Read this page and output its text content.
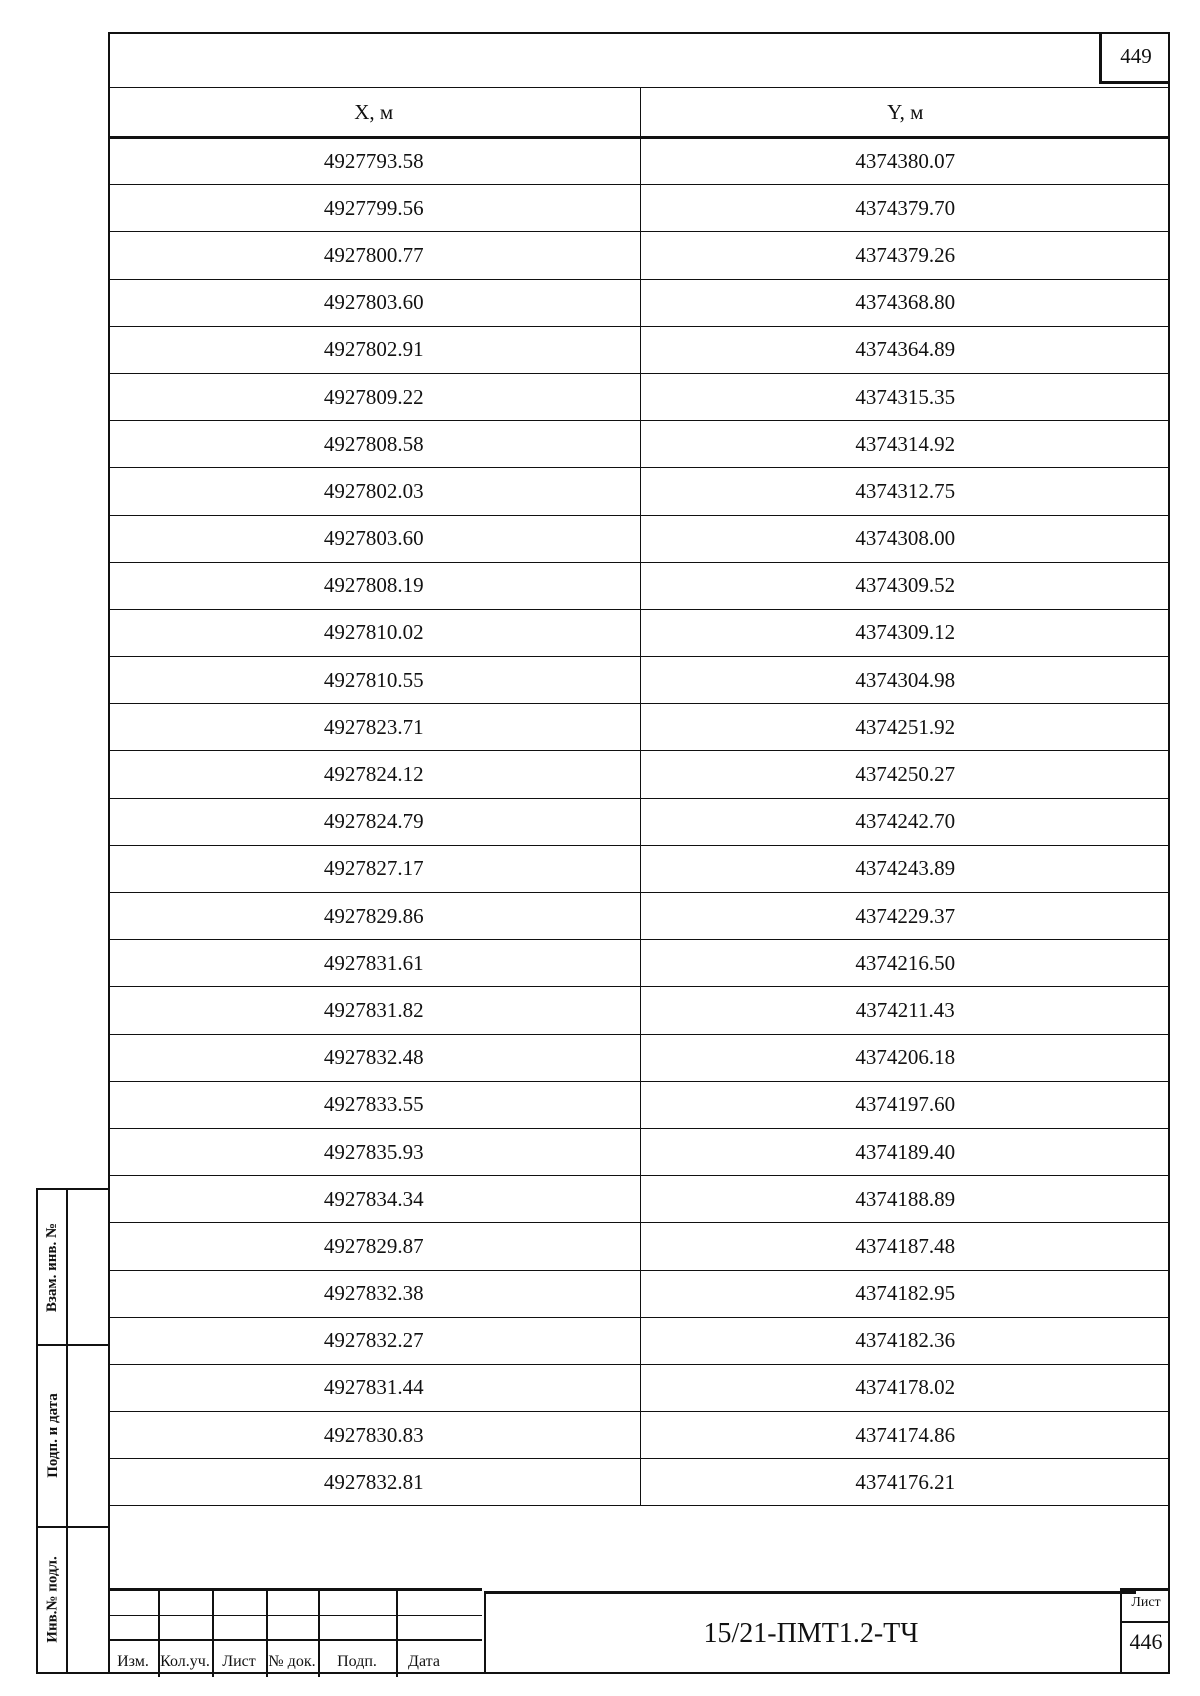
449
X, м	Y, м
4927793.58	4374380.07
4927799.56	4374379.70
4927800.77	4374379.26
4927803.60	4374368.80
4927802.91	4374364.89
4927809.22	4374315.35
4927808.58	4374314.92
4927802.03	4374312.75
4927803.60	4374308.00
4927808.19	4374309.52
4927810.02	4374309.12
4927810.55	4374304.98
4927823.71	4374251.92
4927824.12	4374250.27
4927824.79	4374242.70
4927827.17	4374243.89
4927829.86	4374229.37
4927831.61	4374216.50
4927831.82	4374211.43
4927832.48	4374206.18
4927833.55	4374197.60
4927835.93	4374189.40
4927834.34	4374188.89
4927829.87	4374187.48
4927832.38	4374182.95
4927832.27	4374182.36
4927831.44	4374178.02
4927830.83	4374174.86
4927832.81	4374176.21
Изм. Кол.уч. Лист № док.	Подп.	Дата
15/21-ПМТ1.2-ТЧ
Лист
446
Взам. инв. №
Подп. и дата
Инв.№ подл.
